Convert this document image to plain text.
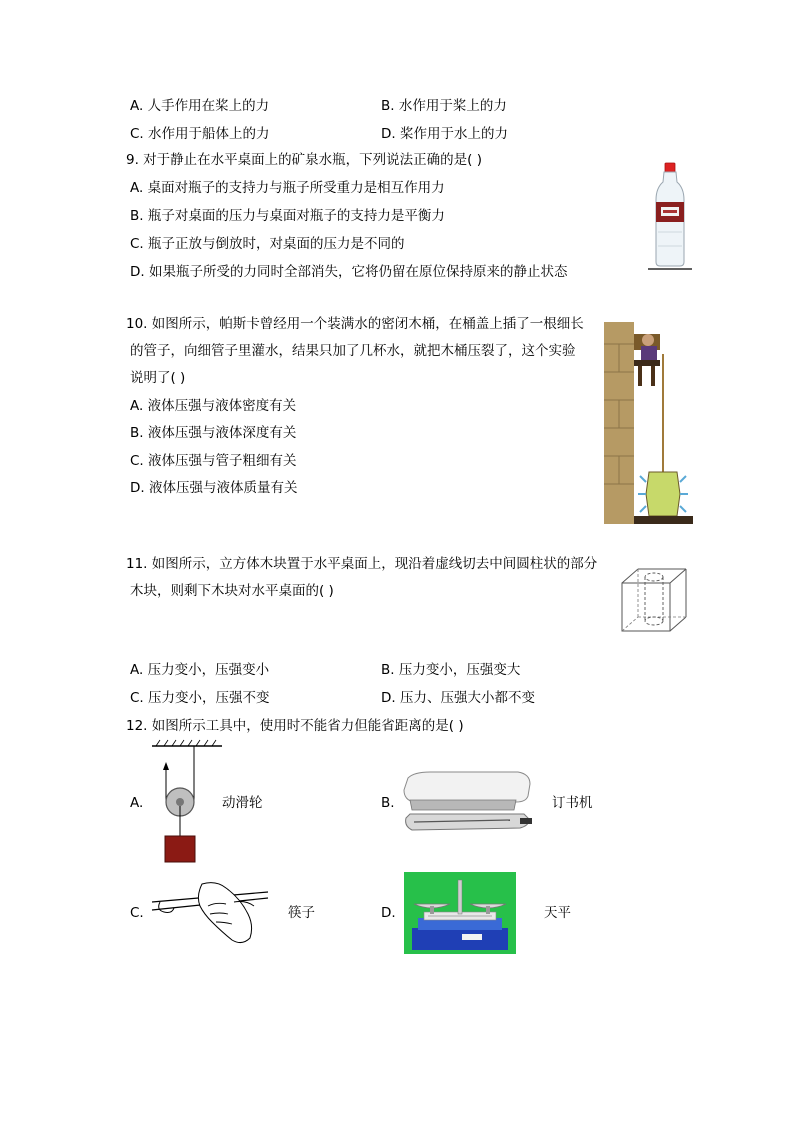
A. 人手作用在桨上的力	B. 水作用于桨上的力
C. 水作用于船体上的力	D. 桨作用于水上的力
9. 对于静止在水平桌面上的矿泉水瓶，下列说法正确的是( )
A. 桌面对瓶子的支持力与瓶子所受重力是相互作用力
B. 瓶子对桌面的压力与桌面对瓶子的支持力是平衡力
C. 瓶子正放与倒放时，对桌面的压力是不同的
D. 如果瓶子所受的力同时全部消失，它将仍留在原位保持原来的静止状态
10. 如图所示，帕斯卡曾经用一个装满水的密闭木桶，在桶盖上插了一根细长
的管子，向细管子里灌水，结果只加了几杯水，就把木桶压裂了，这个实验
说明了( )
A. 液体压强与液体密度有关
B. 液体压强与液体深度有关
C. 液体压强与管子粗细有关
D. 液体压强与液体质量有关
11. 如图所示，立方体木块置于水平桌面上，现沿着虚线切去中间圆柱状的部分
木块，则剩下木块对水平桌面的( )
A. 压力变小，压强变小	B. 压力变小，压强变大
C. 压力变小，压强不变	D. 压力、压强大小都不变
12. 如图所示工具中，使用时不能省力但能省距离的是( )
A.	动滑轮	B.	订书机
C.	筷子	D.	天平
